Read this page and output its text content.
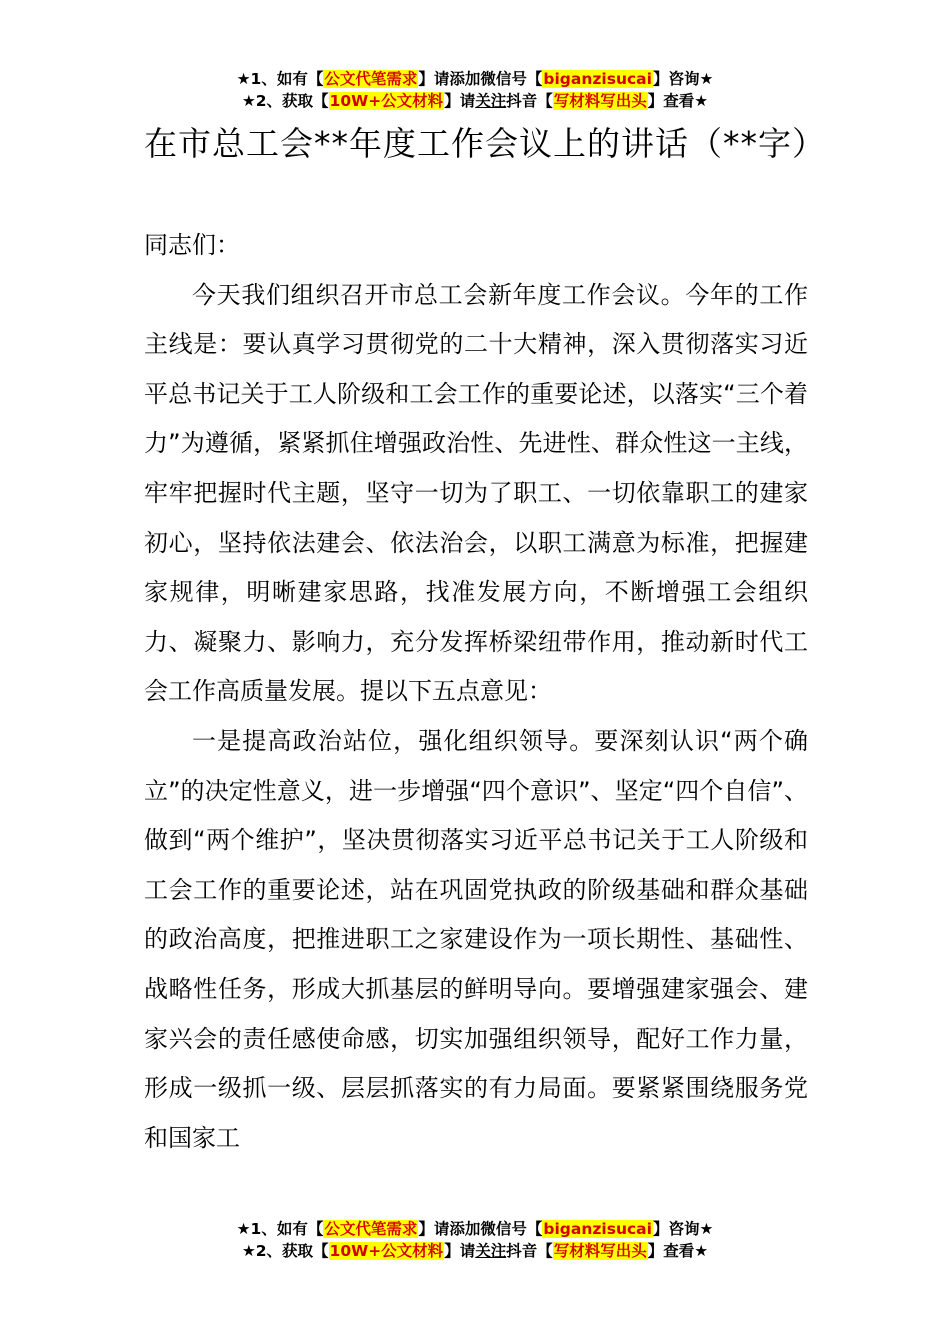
★1、如有【公文代笔需求】请添加微信号【biganzisucai】咨询★
★2、获取【10W+公文材料】请关注抖音【写材料写出头】查看★
在市总工会**年度工作会议上的讲话（**字）

同志们：

今天我们组织召开市总工会新年度工作会议。今年的工作主线是：要认真学习贯彻党的二十大精神，深入贯彻落实习近平总书记关于工人阶级和工会工作的重要论述，以落实“三个着力”为遵循，紧紧抓住增强政治性、先进性、群众性这一主线，牢牢把握时代主题，坚守一切为了职工、一切依靠职工的建家初心，坚持依法建会、依法治会，以职工满意为标准，把握建家规律，明晰建家思路，找准发展方向，不断增强工会组织力、凝聚力、影响力，充分发挥桥梁纽带作用，推动新时代工会工作高质量发展。提以下五点意见：

一是提高政治站位，强化组织领导。要深刻认识“两个确立”的决定性意义，进一步增强“四个意识”、坚定“四个自信”、做到“两个维护”，坚决贯彻落实习近平总书记关于工人阶级和工会工作的重要论述，站在巩固党执政的阶级基础和群众基础的政治高度，把推进职工之家建设作为一项长期性、基础性、战略性任务，形成大抓基层的鲜明导向。要增强建家强会、建家兴会的责任感使命感，切实加强组织领导，配好工作力量，形成一级抓一级、层层抓落实的有力局面。要紧紧围绕服务党和国家工

★1、如有【公文代笔需求】请添加微信号【biganzisucai】咨询★
★2、获取【10W+公文材料】请关注抖音【写材料写出头】查看★
